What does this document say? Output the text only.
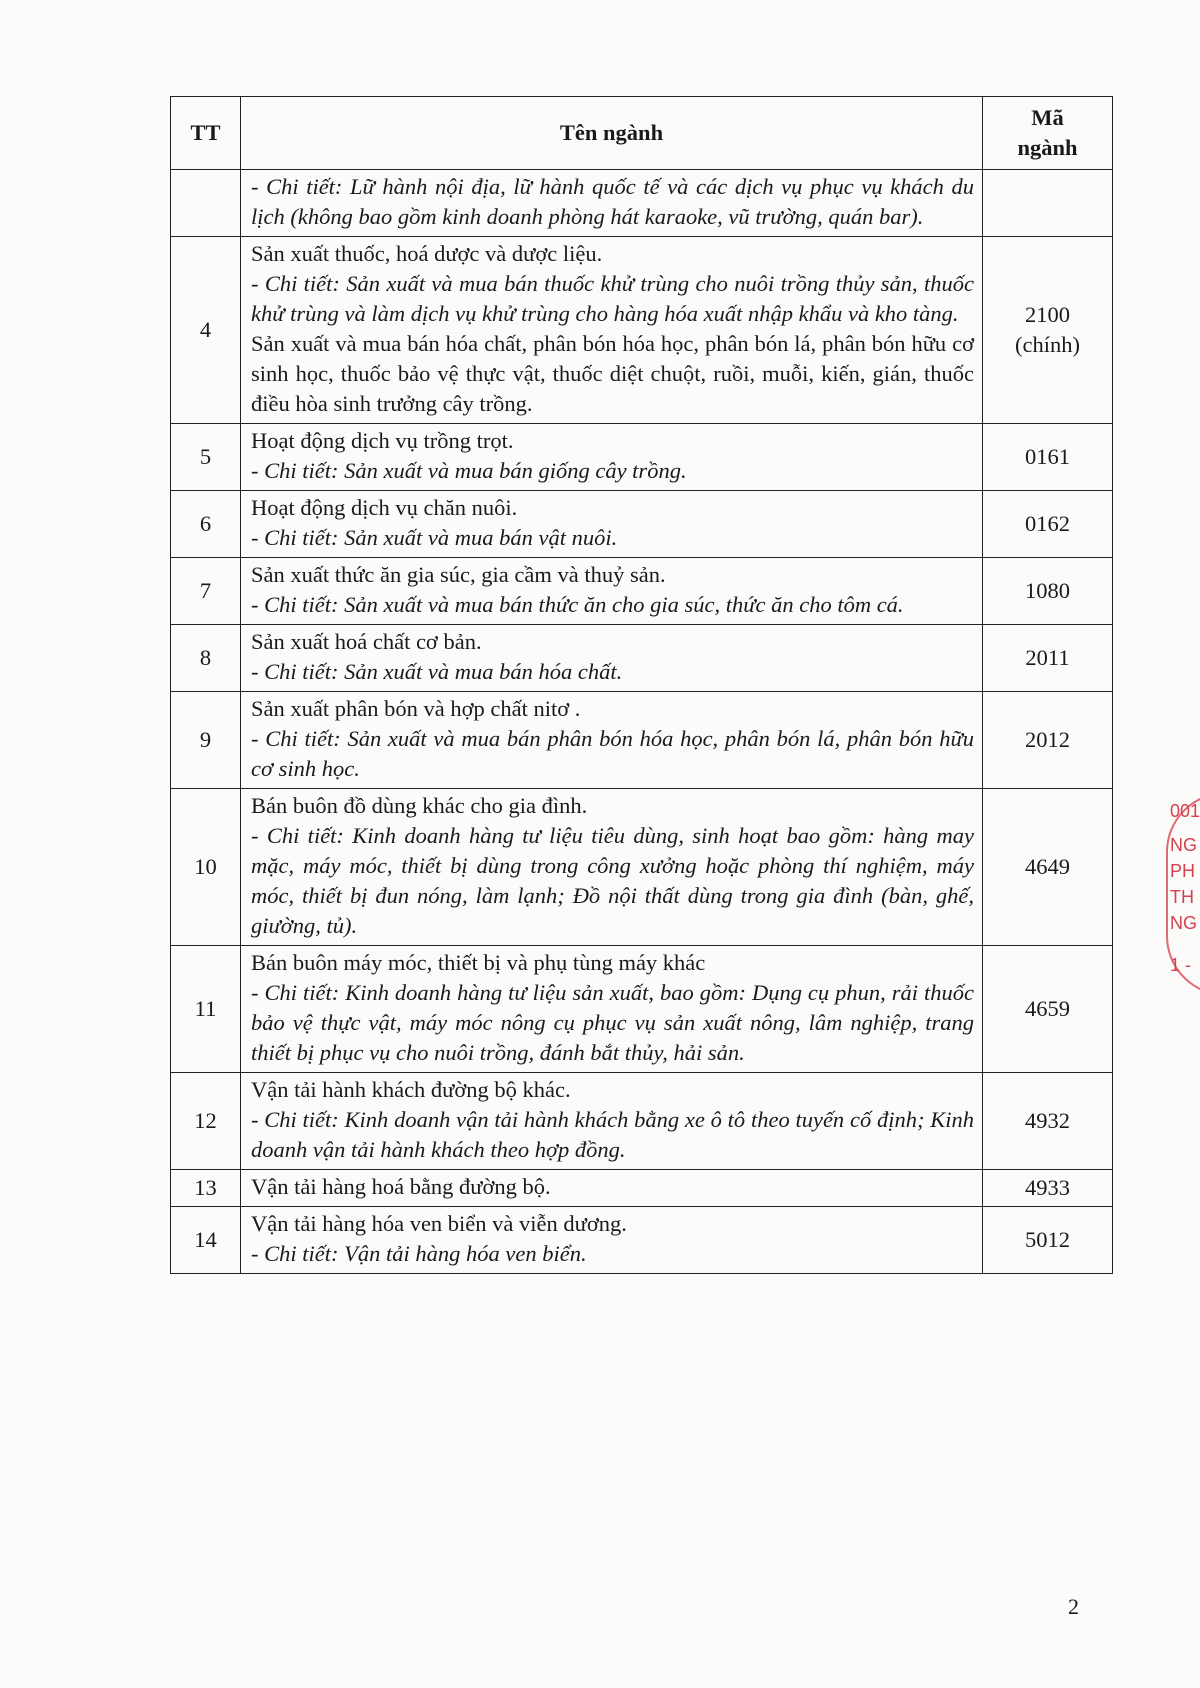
TT	Tên ngành	Mã
ngành

	- Chi tiết: Lữ hành nội địa, lữ hành quốc tế và các dịch vụ phục vụ khách du lịch (không bao gồm kinh doanh phòng hát karaoke, vũ trường, quán bar).	

4	Sản xuất thuốc, hoá dược và dược liệu.
- Chi tiết: Sản xuất và mua bán thuốc khử trùng cho nuôi trồng thủy sản, thuốc khử trùng và làm dịch vụ khử trùng cho hàng hóa xuất nhập khẩu và kho tàng.
Sản xuất và mua bán hóa chất, phân bón hóa học, phân bón lá, phân bón hữu cơ sinh học, thuốc bảo vệ thực vật, thuốc diệt chuột, ruồi, muỗi, kiến, gián, thuốc điều hòa sinh trưởng cây trồng.	2100
(chính)

5	Hoạt động dịch vụ trồng trọt.
- Chi tiết: Sản xuất và mua bán giống cây trồng.	0161

6	Hoạt động dịch vụ chăn nuôi.
- Chi tiết: Sản xuất và mua bán vật nuôi.	0162

7	Sản xuất thức ăn gia súc, gia cầm và thuỷ sản.
- Chi tiết: Sản xuất và mua bán thức ăn cho gia súc, thức ăn cho tôm cá.	1080

8	Sản xuất hoá chất cơ bản.
- Chi tiết: Sản xuất và mua bán hóa chất.	2011

9	Sản xuất phân bón và hợp chất nitơ .
- Chi tiết: Sản xuất và mua bán phân bón hóa học, phân bón lá, phân bón hữu cơ sinh học.	2012

10	Bán buôn đồ dùng khác cho gia đình.
- Chi tiết: Kinh doanh hàng tư liệu tiêu dùng, sinh hoạt bao gồm: hàng may mặc, máy móc, thiết bị dùng trong công xưởng hoặc phòng thí nghiệm, máy móc, thiết bị đun nóng, làm lạnh; Đồ nội thất dùng trong gia đình (bàn, ghế, giường, tủ).	4649

11	Bán buôn máy móc, thiết bị và phụ tùng máy khác
- Chi tiết: Kinh doanh hàng tư liệu sản xuất, bao gồm: Dụng cụ phun, rải thuốc bảo vệ thực vật, máy móc nông cụ phục vụ sản xuất nông, lâm nghiệp, trang thiết bị phục vụ cho nuôi trồng, đánh bắt thủy, hải sản.	4659

12	Vận tải hành khách đường bộ khác.
- Chi tiết: Kinh doanh vận tải hành khách bằng xe ô tô theo tuyến cố định; Kinh doanh vận tải hành khách theo hợp đồng.	4932

13	Vận tải hàng hoá bằng đường bộ.	4933

14	Vận tải hàng hóa ven biển và viễn dương.
- Chi tiết: Vận tải hàng hóa ven biển.	5012
001
NG
PH
TH
NG
1 -
2
